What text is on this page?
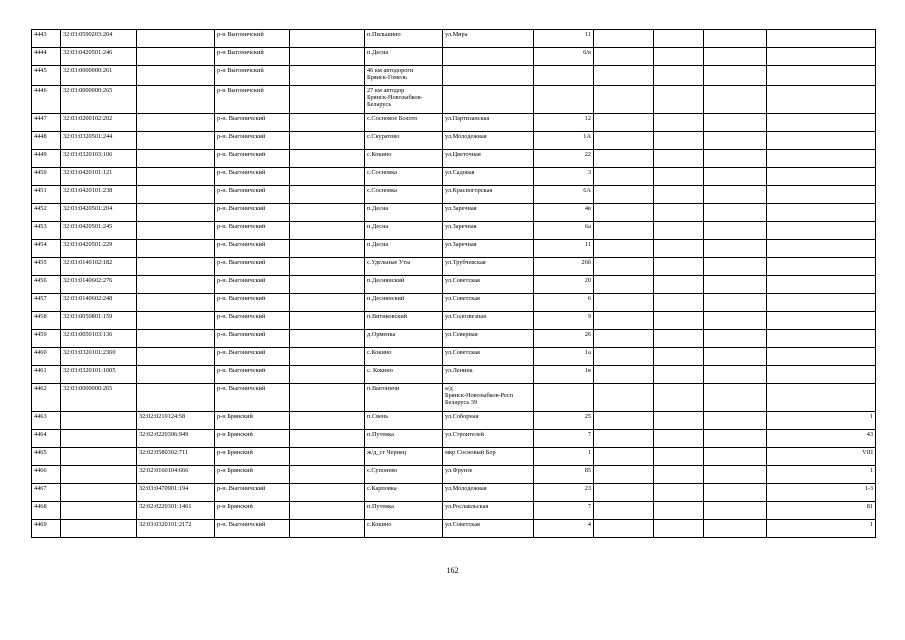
4443	32:03:0590203:204		р-н Выгоничский		п.Пильшино	ул.Мира	11				
4444	32:03:0420501:246		р-н Выгоничский		п.Десна		6/в				
4445	32:03:0000000:261		р-н Выгоничский		46 км автодороги
Брянск-Гомель						
4446	32:03:0000000:265		р-н Выгоничский		27 км автодор
Брянск-Новозыбков-Беларусь						
4447	32:03:0200102:202		р-н. Выгоничский		с.Сосновое Болото	ул.Партизанская	12				
4448	32:03:0320501:244		р-н. Выгоничский		с.Скуратово	ул.Молодежная	1А				
4449	32:03:0320103:106		р-н. Выгоничский		с.Кокино	ул.Цветочная	22				
4450	32:03:0420101:121		р-н. Выгоничский		с.Сосновка	ул.Садовая	3				
4451	32:03:0420101:238		р-н. Выгоничский		с.Сосновка	ул.Красногорская	6А				
4452	32:03:0420501:204		р-н. Выгоничский		п.Десна	ул.Заречная	4в				
4453	32:03:0420501:245		р-н. Выгоничский		п.Десна	ул.Заречная	6а				
4454	32:03:0420501:229		р-н. Выгоничский		п.Десна	ул.Заречная	11				
4455	32:03:0140102:182		р-н. Выгоничский		с.Удельные Уты	ул.Трубчевская	26б				
4456	32:03:0140602:276		р-н. Выгоничский		п.Деснянский	ул.Советская	20				
4457	32:03:0140602:248		р-н. Выгоничский		п.Деснянский	ул.Советская	6				
4458	32:03:0050801:159		р-н. Выгоничский		п.Витиковский	ул.Солозвезная	9				
4459	32:03:0050103:136		р-н. Выгоничский		д.Орменка	ул.Северная	26				
4460	32:03:0320101:2360		р-н. Выгоничский		с.Кокино	ул.Советская	1а				
4461	32:03:0320101:1005		р-н. Выгоничский		с. Кокино	ул.Ленина	1в				
4462	32:03:0000000:265		р-н. Выгоничский		п.Выгоничи	а/д
Брянск-Новозыбков-Респ
Беларусь 39					
4463		32:02:0210124:58	р-н Брянский		п.Свень	ул.Соборная	25				1
4464		32:02:0220306:949	р-н Брянский		п.Путевка	ул.Строителей	7				43
4465		32:02:0580302:711	р-н Брянский		ж/д_ст Чернец	мкр Сосновый Бор	1				VIII
4466		32:02:0160104:666	р-н Брянский		с.Супонево	ул.Фрунзе	85				1
4467		32:03:0470901:194	р-н. Выгоничский		с.Карповка	ул.Молодежная	23				1-3
4468		32:02:0220301:1461	р-н Брянский		п.Путевка	ул.Рославльская	7				81
4469		32:03:0320101:2172	р-н. Выгоничский		с.Кокино	ул.Советская	4				1
162
